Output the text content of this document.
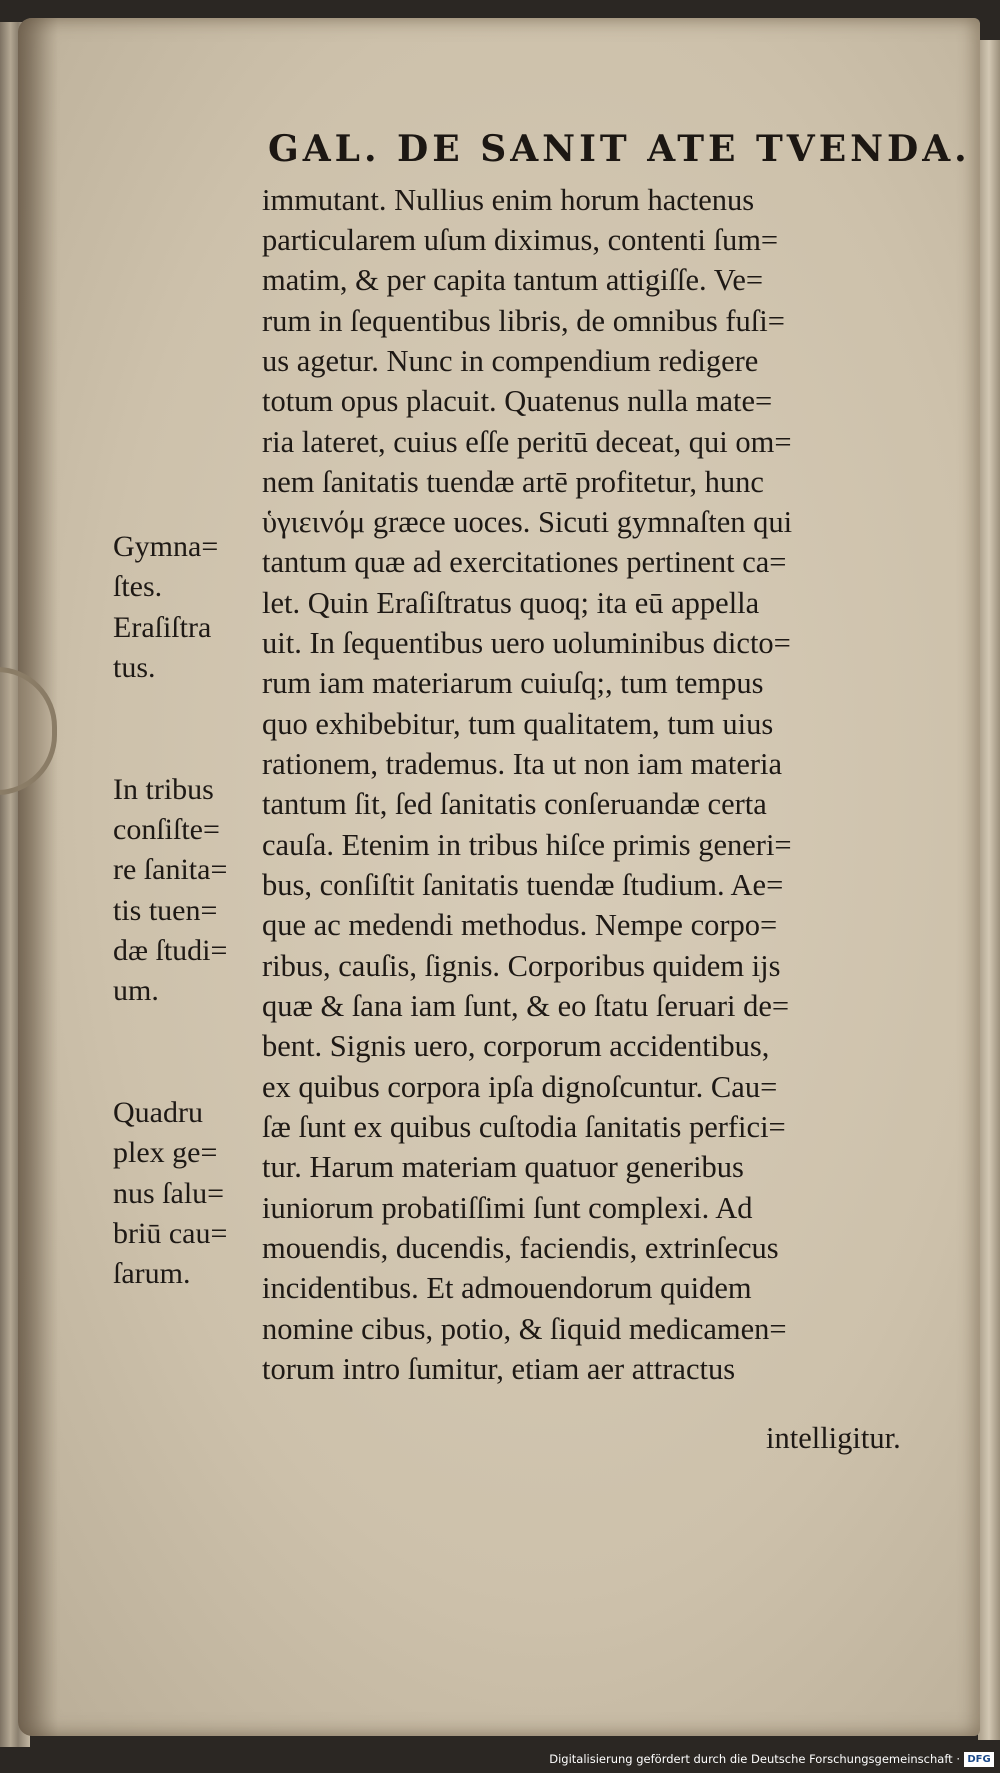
GAL. DE SANIT ATE TVENDA.
immutant. Nullius enim horum hactenus
particularem uſum diximus, contenti ſum=
matim, & per capita tantum attigiſſe. Ve=
rum in ſequentibus libris, de omnibus fuſi=
us agetur. Nunc in compendium redigere
totum opus placuit. Quatenus nulla mate=
ria lateret, cuius eſſe peritū deceat, qui om=
nem ſanitatis tuendæ artē profitetur, hunc
ὑγιεινόμ græce uoces. Sicuti gymnaſten qui
tantum quæ ad exercitationes pertinent ca=
let. Quin Eraſiſtratus quoq; ita eū appella
uit. In ſequentibus uero uoluminibus dicto=
rum iam materiarum cuiuſq;, tum tempus
quo exhibebitur, tum qualitatem, tum uius
rationem, trademus. Ita ut non iam materia
tantum ſit, ſed ſanitatis conſeruandæ certa
cauſa. Etenim in tribus hiſce primis generi=
bus, conſiſtit ſanitatis tuendæ ſtudium. Ae=
que ac medendi methodus. Nempe corpo=
ribus, cauſis, ſignis. Corporibus quidem ijs
quæ & ſana iam ſunt, & eo ſtatu ſeruari de=
bent. Signis uero, corporum accidentibus,
ex quibus corpora ipſa dignoſcuntur. Cau=
ſæ ſunt ex quibus cuſtodia ſanitatis perfici=
tur. Harum materiam quatuor generibus
iuniorum probatiſſimi ſunt complexi. Ad
mouendis, ducendis, faciendis, extrinſecus
incidentibus. Et admouendorum quidem
nomine cibus, potio, & ſiquid medicamen=
torum intro ſumitur, etiam aer attractus
intelligitur.
Gymna=
ſtes.
Eraſiſtra
tus.
In tribus
conſiſte=
re ſanita=
tis tuen=
dæ ſtudi=
um.
Quadru
plex ge=
nus ſalu=
briū cau=
ſarum.
Digitalisierung gefördert durch die Deutsche Forschungsgemeinschaft · DFG
